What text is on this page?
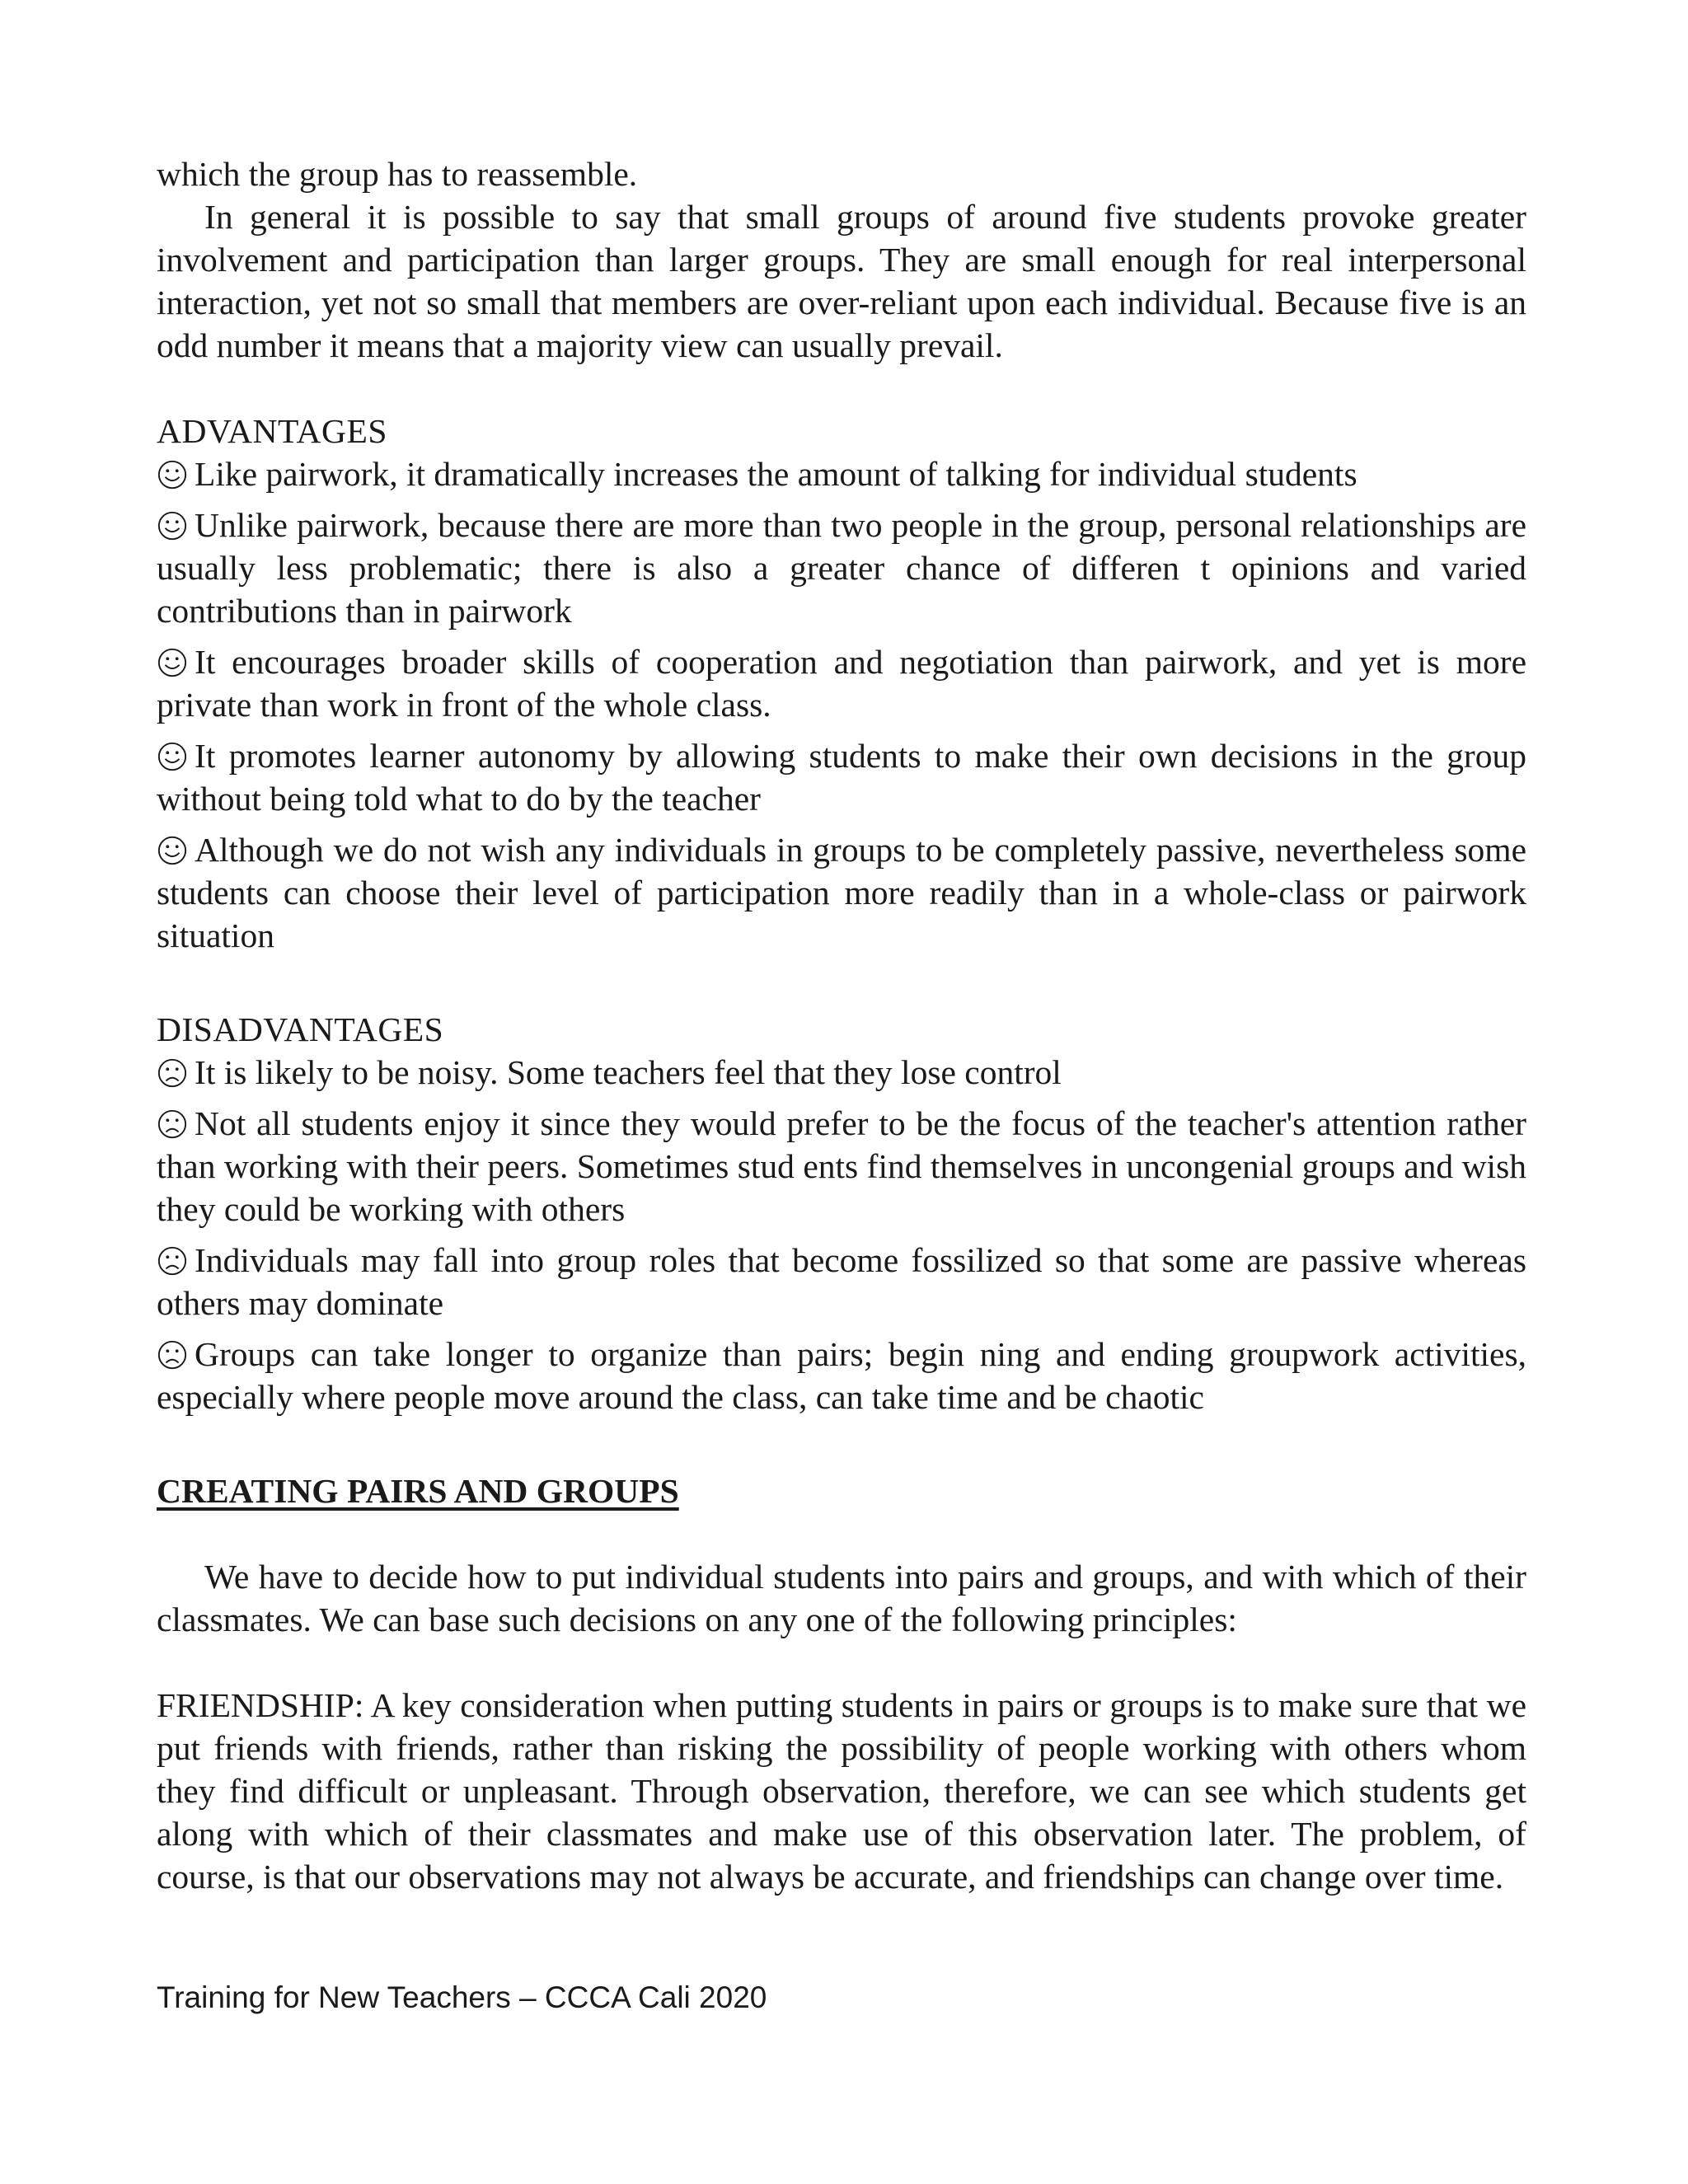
which the group has to reassemble.

In general it is possible to say that small groups of around five students provoke greater involvement and participation than larger groups. They are small enough for real interpersonal interaction, yet not so small that members are over-reliant upon each individual. Because five is an odd number it means that a majority view can usually prevail.

ADVANTAGES

Like pairwork, it dramatically increases the amount of talking for individual students

Unlike pairwork, because there are more than two people in the group, personal relationships are usually less problematic; there is also a greater chance of differen t opinions and varied contributions than in pairwork

It encourages broader skills of cooperation and negotiation than pairwork, and yet is more private than work in front of the whole class.

It promotes learner autonomy by allowing students to make their own decisions in the group without being told what to do by the teacher

Although we do not wish any individuals in groups to be completely passive, nevertheless some students can choose their level of participation more readily than in a whole-class or pairwork situation

DISADVANTAGES

It is likely to be noisy. Some teachers feel that they lose control

Not all students enjoy it since they would prefer to be the focus of the teacher's attention rather than working with their peers. Sometimes stud ents find themselves in uncongenial groups and wish they could be working with others

Individuals may fall into group roles that become fossilized so that some are passive whereas others may dominate

Groups can take longer to organize than pairs; begin ning and ending groupwork activities, especially where people move around the class, can take time and be chaotic

CREATING PAIRS AND GROUPS

We have to decide how to put individual students into pairs and groups, and with which of their classmates. We can base such decisions on any one of the following principles:

FRIENDSHIP: A key consideration when putting students in pairs or groups is to make sure that we put friends with friends, rather than risking the possibility of people working with others whom they find difficult or unpleasant. Through observation, therefore, we can see which students get along with which of their classmates and make use of this observation later. The problem, of course, is that our observations may not always be accurate, and friendships can change over time.

Training for New Teachers – CCCA Cali 2020
